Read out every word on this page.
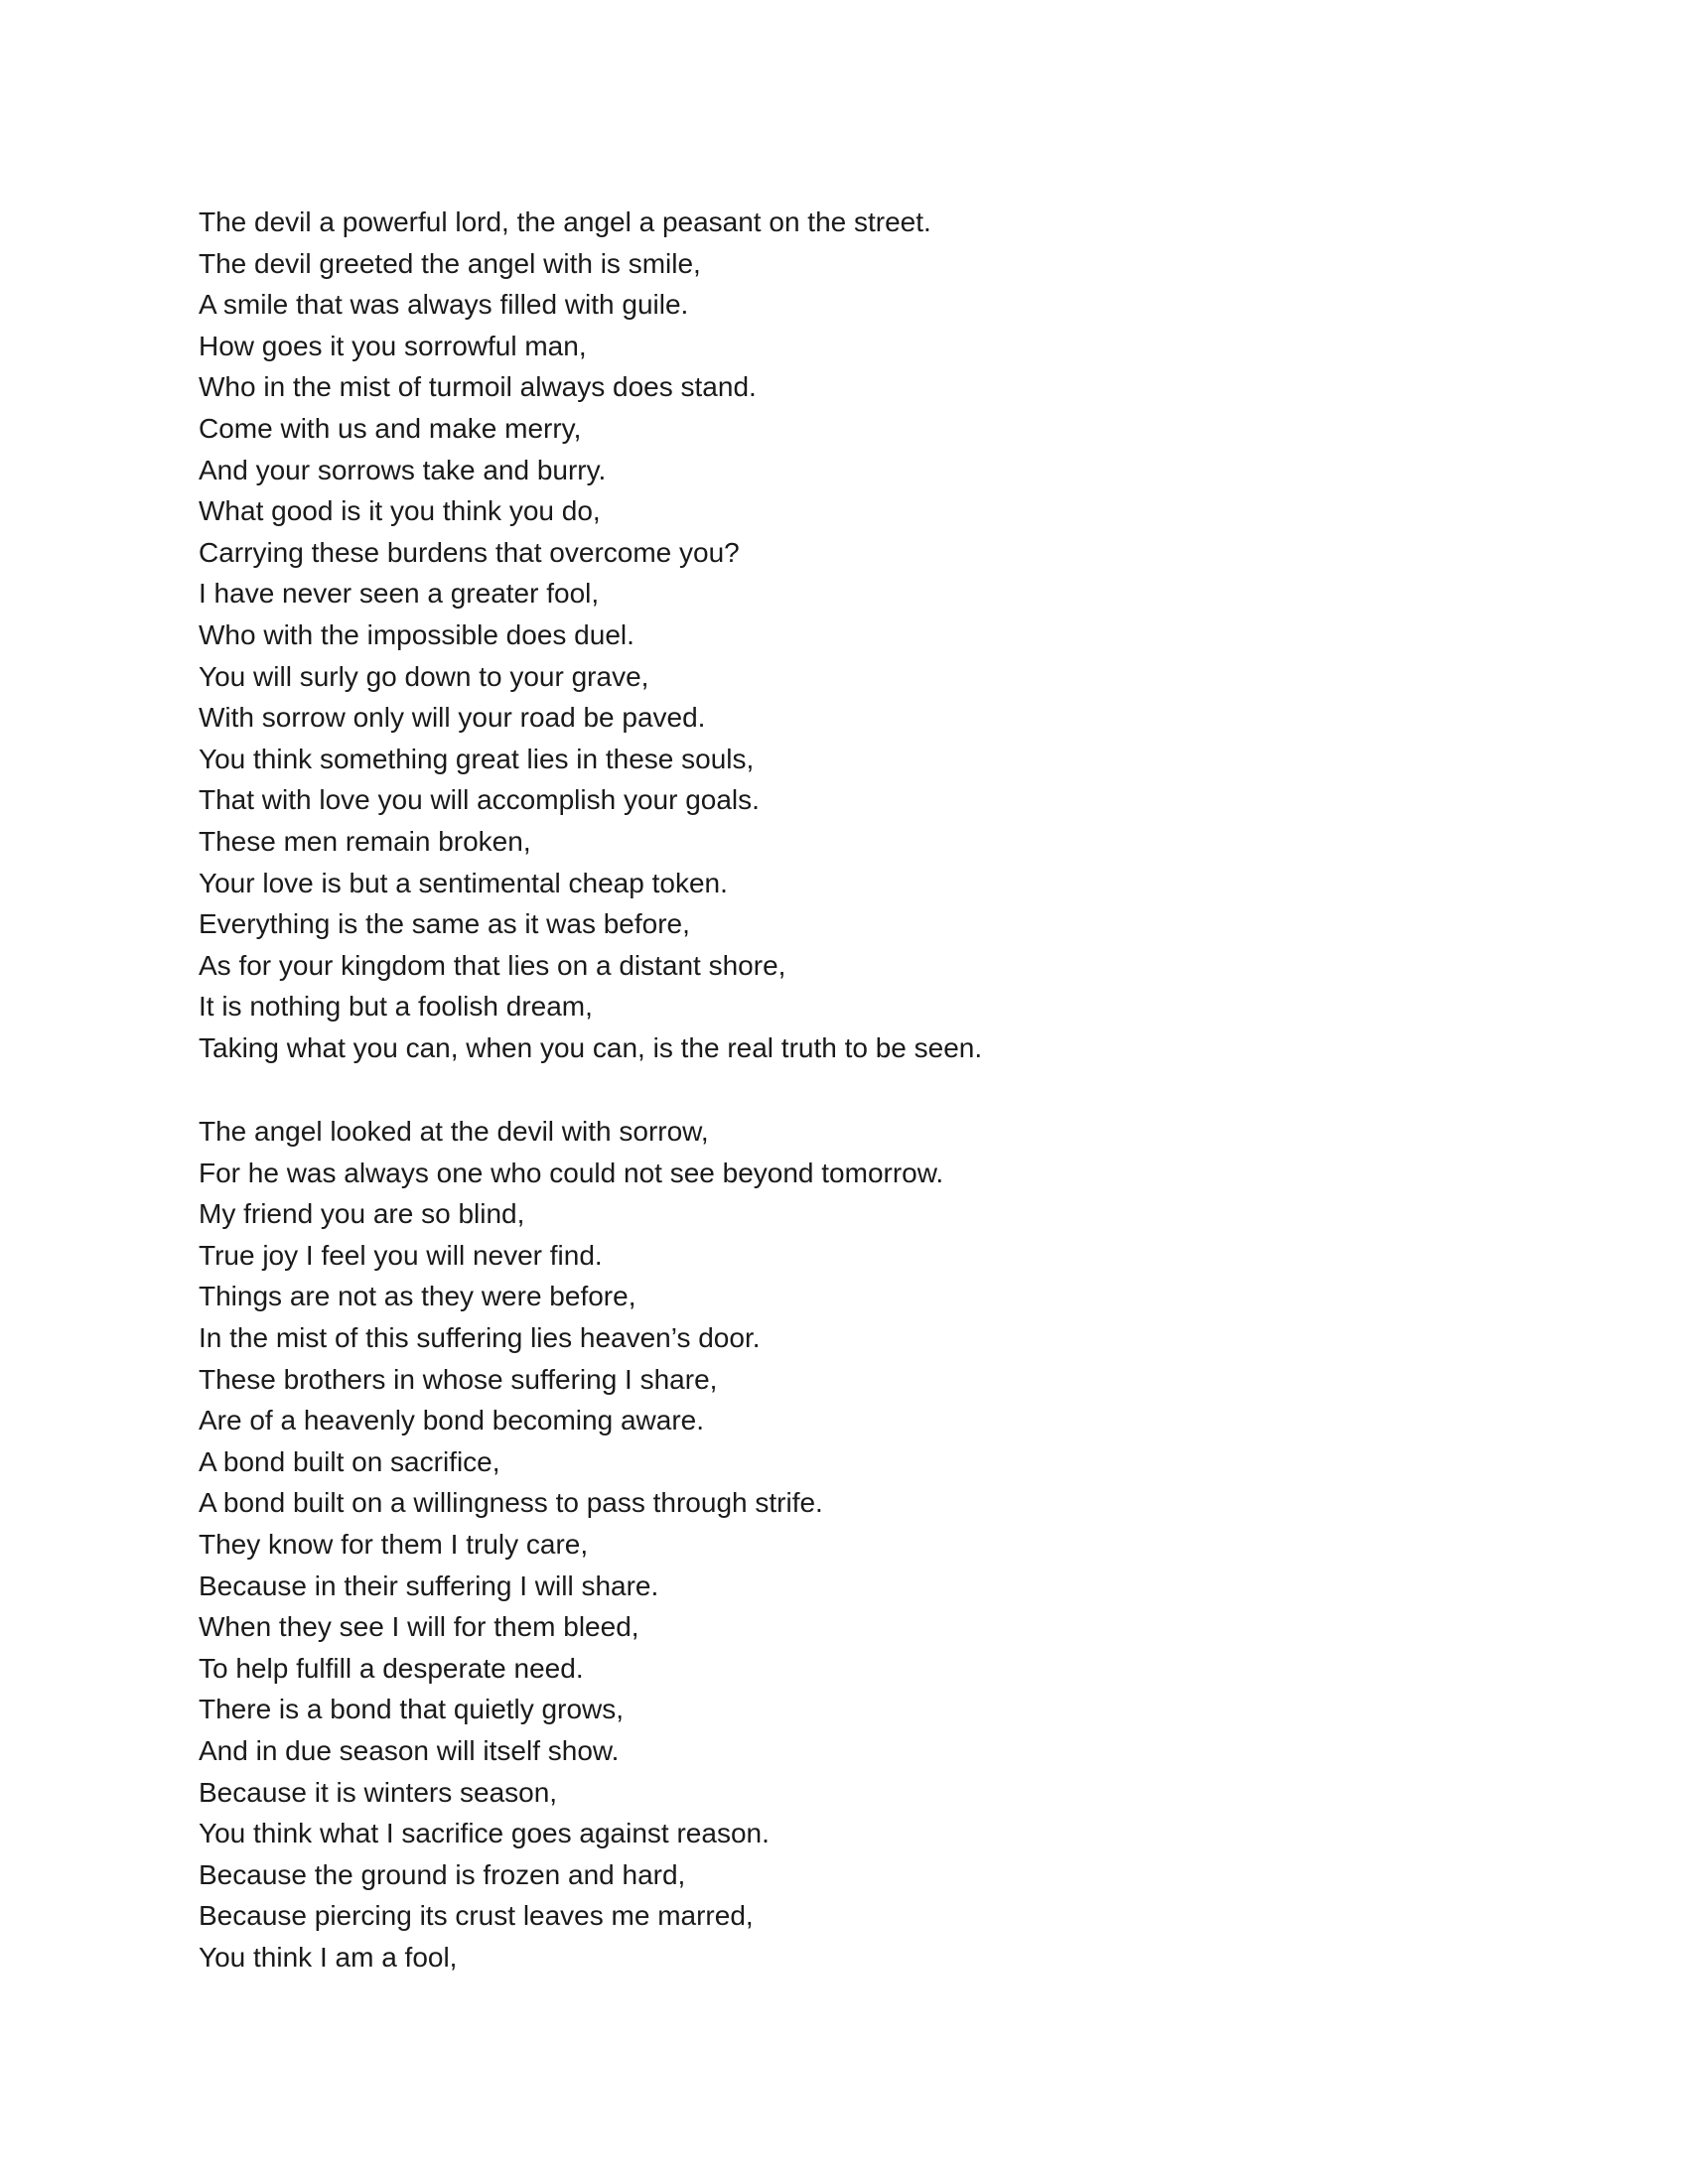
The devil a powerful lord, the angel a peasant on the street.
The devil greeted the angel with is smile,
A smile that was always filled with guile.
How goes it you sorrowful man,
Who in the mist of turmoil always does stand.
Come with us and make merry,
And your sorrows take and burry.
What good is it you think you do,
Carrying these burdens that overcome you?
I have never seen a greater fool,
Who with the impossible does duel.
You will surly go down to your grave,
With sorrow only will your road be paved.
You think something great lies in these souls,
That with love you will accomplish your goals.
These men remain broken,
Your love is but a sentimental cheap token.
Everything is the same as it was before,
As for your kingdom that lies on a distant shore,
It is nothing but a foolish dream,
Taking what you can, when you can, is the real truth to be seen.
The angel looked at the devil with sorrow,
For he was always one who could not see beyond tomorrow.
My friend you are so blind,
True joy I feel you will never find.
Things are not as they were before,
In the mist of this suffering lies heaven’s door.
These brothers in whose suffering I share,
Are of a heavenly bond becoming aware.
A bond built on sacrifice,
A bond built on a willingness to pass through strife.
They know for them I truly care,
Because in their suffering I will share.
When they see I will for them bleed,
To help fulfill a desperate need.
There is a bond that quietly grows,
And in due season will itself show.
Because it is winters season,
You think what I sacrifice goes against reason.
Because the ground is frozen and hard,
Because piercing its crust leaves me marred,
You think I am a fool,
